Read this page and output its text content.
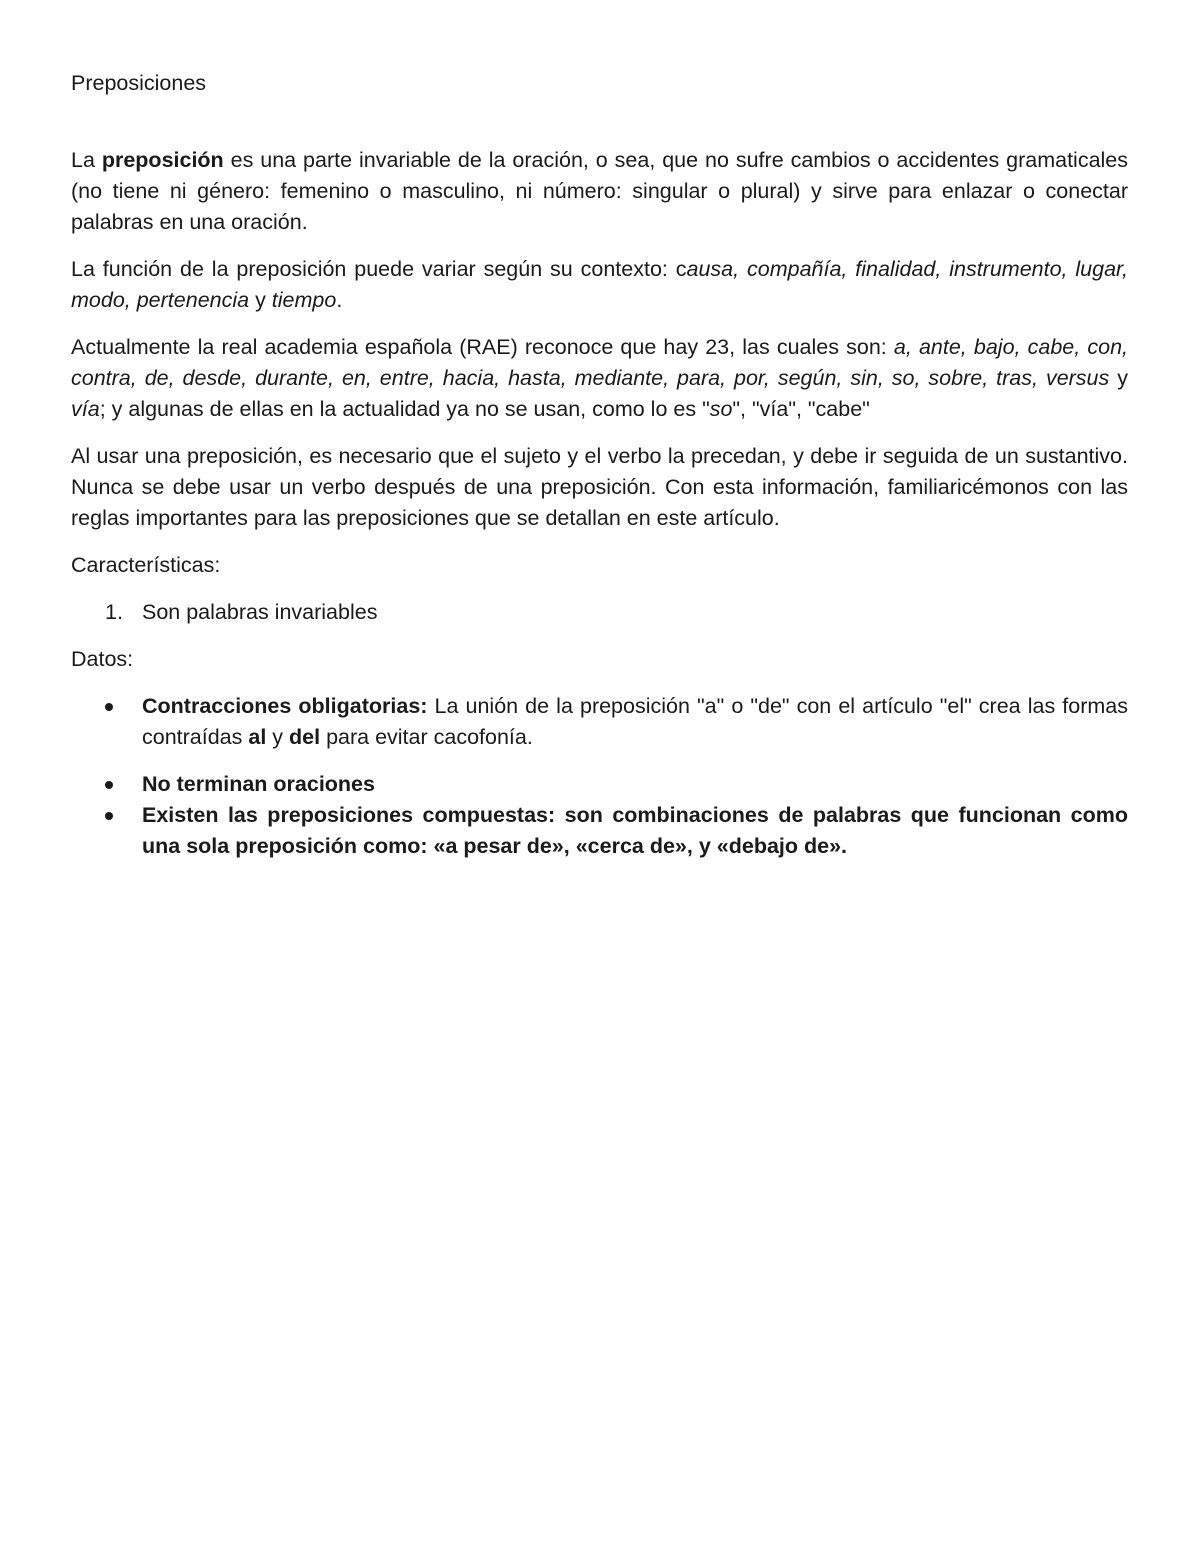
Preposiciones

La preposición es una parte invariable de la oración, o sea, que no sufre cambios o accidentes gramaticales (no tiene ni género: femenino o masculino, ni número: singular o plural) y sirve para enlazar o conectar palabras en una oración.

La función de la preposición puede variar según su contexto: causa, compañía, finalidad, instrumento, lugar, modo, pertenencia y tiempo.

Actualmente la real academia española (RAE) reconoce que hay 23, las cuales son: a, ante, bajo, cabe, con, contra, de, desde, durante, en, entre, hacia, hasta, mediante, para, por, según, sin, so, sobre, tras, versus y vía; y algunas de ellas en la actualidad ya no se usan, como lo es "so", "vía", "cabe"

Al usar una preposición, es necesario que el sujeto y el verbo la precedan, y debe ir seguida de un sustantivo. Nunca se debe usar un verbo después de una preposición. Con esta información, familiaricémonos con las reglas importantes para las preposiciones que se detallan en este artículo.

Características:

1. Son palabras invariables

Datos:

Contracciones obligatorias: La unión de la preposición "a" o "de" con el artículo "el" crea las formas contraídas al y del para evitar cacofonía.
No terminan oraciones
Existen las preposiciones compuestas: son combinaciones de palabras que funcionan como una sola preposición como: «a pesar de», «cerca de», y «debajo de».
